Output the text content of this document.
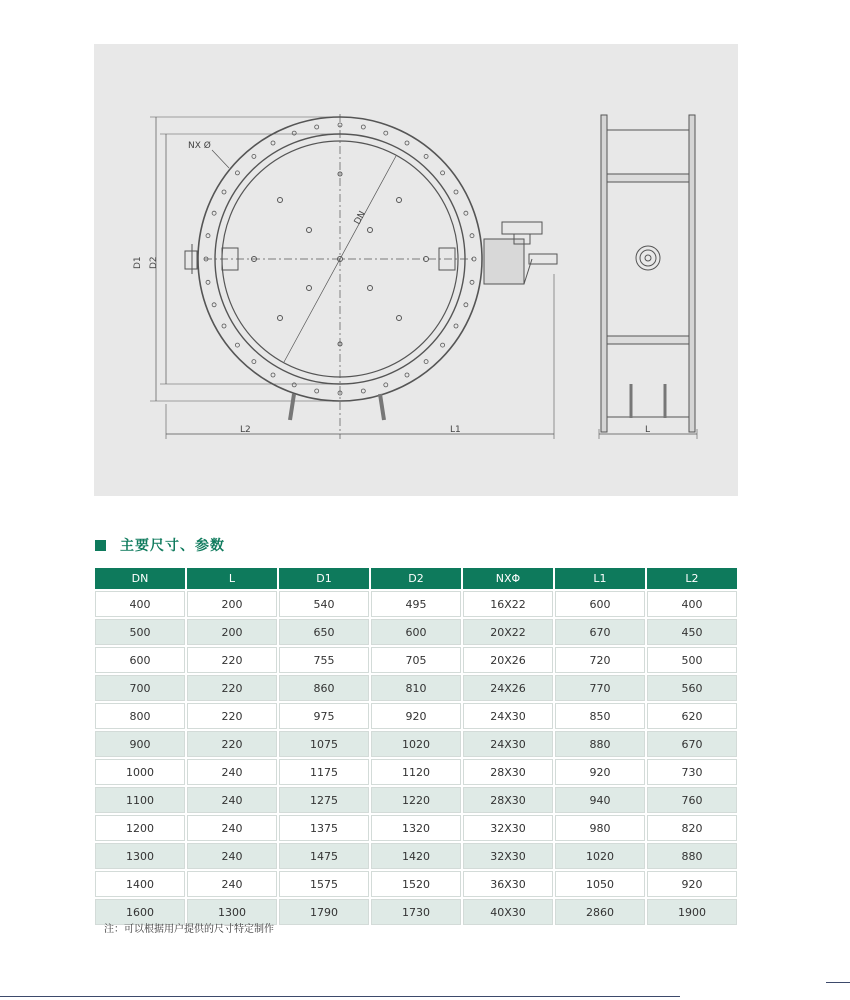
NX Ø
DN
D1 D2
L2	L1	L
主要尺寸、参数
DN	L	D1	D2	NXΦ	L1	L2
400	200	540	495	16X22	600	400
500	200	650	600	20X22	670	450
600	220	755	705	20X26	720	500
700	220	860	810	24X26	770	560
800	220	975	920	24X30	850	620
900	220	1075	1020	24X30	880	670
1000	240	1175	1120	28X30	920	730
1100	240	1275	1220	28X30	940	760
1200	240	1375	1320	32X30	980	820
1300	240	1475	1420	32X30	1020	880
1400	240	1575	1520	36X30	1050	920
1600	1300	1790	1730	40X30	2860	1900
注：可以根据用户提供的尺寸特定制作
